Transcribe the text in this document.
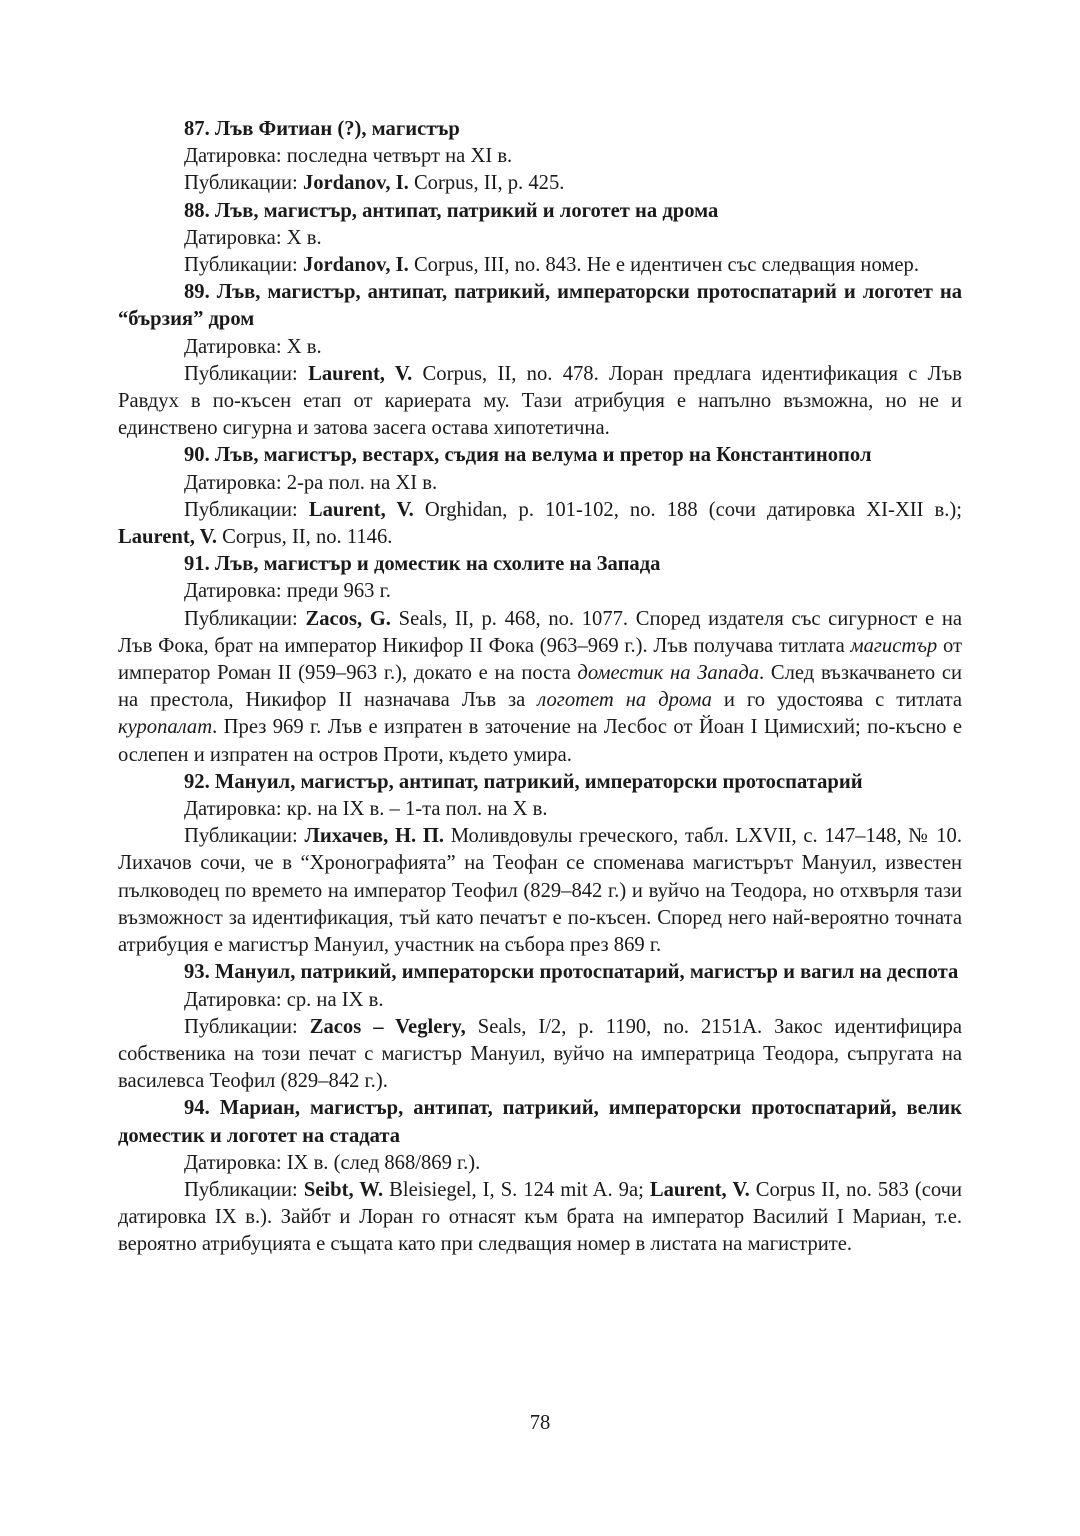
87. Лъв Фитиан (?), магистър

Датировка: последна четвърт на XI в.

Публикации: Jordanov, I. Corpus, II, p. 425.

88. Лъв, магистър, антипат, патрикий и логотет на дрома

Датировка: X в.

Публикации: Jordanov, I. Corpus, III, no. 843. Не е идентичен със следващия номер.

89. Лъв, магистър, антипат, патрикий, императорски протоспатарий и логотет на “бързия” дром

Датировка: X в.

Публикации: Laurent, V. Corpus, II, no. 478. Лоран предлага идентификация с Лъв Равдух в по-късен етап от кариерата му. Тази атрибуция е напълно възможна, но не и единствено сигурна и затова засега остава хипотетична.

90. Лъв, магистър, вестарх, съдия на велума и претор на Константинопол

Датировка: 2-ра пол. на XI в.

Публикации: Laurent, V. Orghidan, p. 101-102, no. 188 (сочи датировка XI-XII в.); Laurent, V. Corpus, II, no. 1146.

91. Лъв, магистър и доместик на схолите на Запада

Датировка: преди 963 г.

Публикации: Zacos, G. Seals, II, p. 468, no. 1077. Според издателя със сигурност е на Лъв Фока, брат на император Никифор II Фока (963–969 г.). Лъв получава титлата магистър от император Роман II (959–963 г.), докато е на поста доместик на Запада. След възкачването си на престола, Никифор II назначава Лъв за логотет на дрома и го удостоява с титлата куропалат. През 969 г. Лъв е изпратен в заточение на Лесбос от Йоан I Цимисхий; по-късно е ослепен и изпратен на остров Проти, където умира.

92. Мануил, магистър, антипат, патрикий, императорски протоспатарий

Датировка: кр. на IX в. – 1-та пол. на X в.

Публикации: Лихачев, Н. П. Моливдовулы греческого, табл. LXVII, с. 147–148, № 10. Лихачов сочи, че в “Хронографията” на Теофан се споменава магистърът Мануил, известен пълководец по времето на император Теофил (829–842 г.) и вуйчо на Теодора, но отхвърля тази възможност за идентификация, тъй като печатът е по-късен. Според него най-вероятно точната атрибуция е магистър Мануил, участник на събора през 869 г.

93. Мануил, патрикий, императорски протоспатарий, магистър и вагил на деспота

Датировка: ср. на IX в.

Публикации: Zacos – Veglery, Seals, I/2, p. 1190, no. 2151A. Закос идентифицира собственика на този печат с магистър Мануил, вуйчо на императрица Теодора, съпругата на василевса Теофил (829–842 г.).

94. Мариан, магистър, антипат, патрикий, императорски протоспатарий, велик доместик и логотет на стадата

Датировка: IX в. (след 868/869 г.).

Публикации: Seibt, W. Bleisiegel, I, S. 124 mit A. 9a; Laurent, V. Corpus II, no. 583 (сочи датировка IX в.). Зайбт и Лоран го отнасят към брата на император Василий I Мариан, т.е. вероятно атрибуцията е същата като при следващия номер в листата на магистрите.

78
